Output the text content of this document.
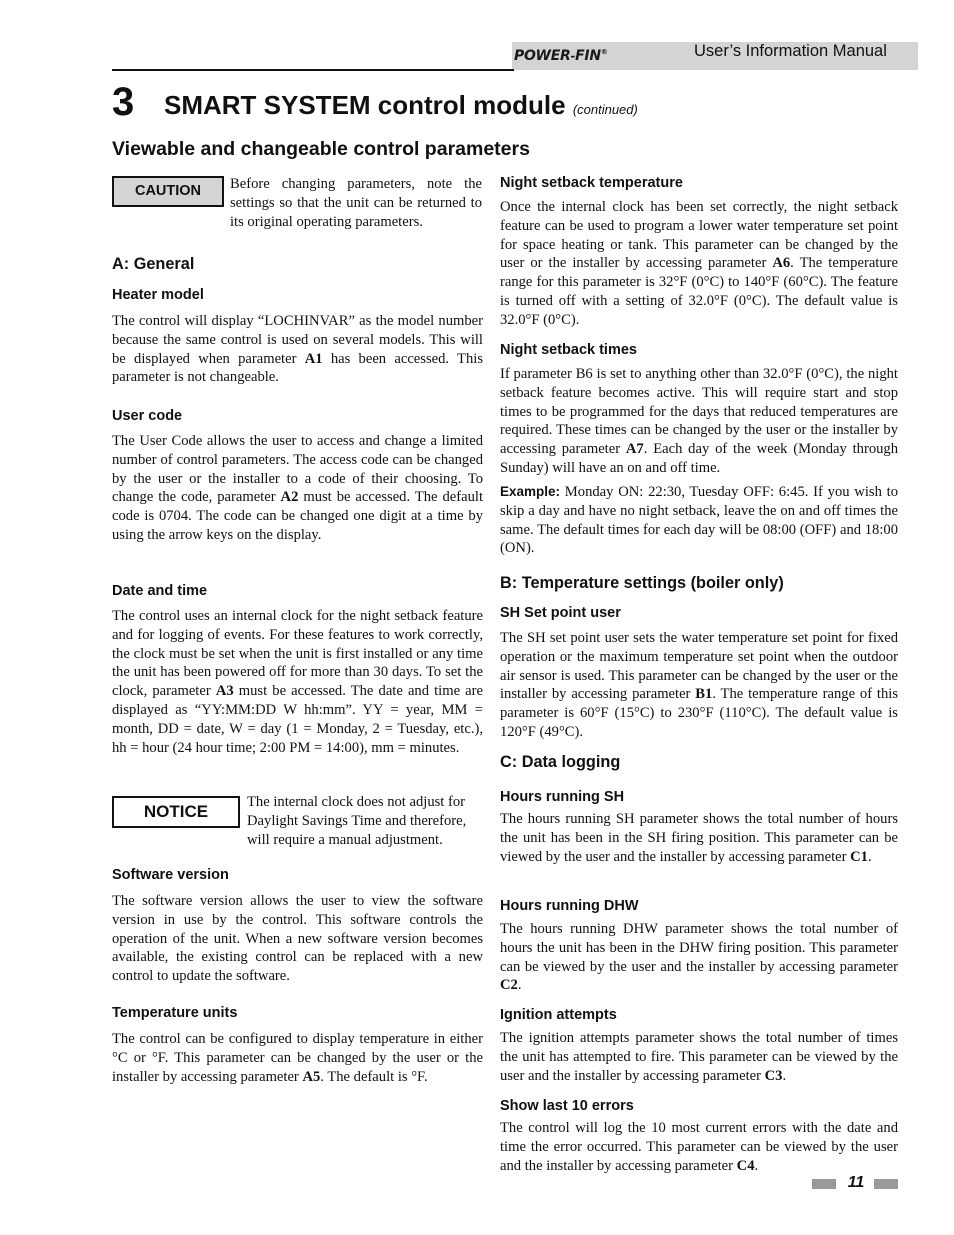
POWER-FIN®	User’s Information Manual
3 SMART SYSTEM control module (continued)
Viewable and changeable control parameters
CAUTION	Before changing parameters, note the settings so that the unit can be returned to its original operating parameters.

A: General
Heater model

The control will display “LOCHINVAR” as the model number because the same control is used on several models. This will be displayed when parameter A1 has been accessed. This parameter is not changeable.

User code

The User Code allows the user to access and change a limited number of control parameters. The access code can be changed by the user or the installer to a code of their choosing. To change the code, parameter A2 must be accessed. The default code is 0704. The code can be changed one digit at a time by using the arrow keys on the display.

Date and time

The control uses an internal clock for the night setback feature and for logging of events. For these features to work correctly, the clock must be set when the unit is first installed or any time the unit has been powered off for more than 30 days. To set the clock, parameter A3 must be accessed. The date and time are displayed as “YY:MM:DD W hh:mm”. YY = year, MM = month, DD = date, W = day (1 = Monday, 2 = Tuesday, etc.), hh = hour (24 hour time; 2:00 PM = 14:00), mm = minutes.

Software version

The software version allows the user to view the software version in use by the control. This software controls the operation of the unit. When a new software version becomes available, the existing control can be replaced with a new control to update the software.

Temperature units

The control can be configured to display temperature in either °C or °F. This parameter can be changed by the user or the installer by accessing parameter A5. The default is °F.

NOTICE	The internal clock does not adjust for Daylight Savings Time and therefore, will require a manual adjustment.

Night setback temperature

Once the internal clock has been set correctly, the night setback feature can be used to program a lower water temperature set point for space heating or tank. This parameter can be changed by the user or the installer by accessing parameter A6. The temperature range for this parameter is 32°F (0°C) to 140°F (60°C). The feature is turned off with a setting of 32.0°F (0°C). The default value is 32.0°F (0°C).

Night setback times

If parameter B6 is set to anything other than 32.0°F (0°C), the night setback feature becomes active. This will require start and stop times to be programmed for the days that reduced temperatures are required. These times can be changed by the user or the installer by accessing parameter A7. Each day of the week (Monday through Sunday) will have an on and off time.

Example: Monday ON: 22:30, Tuesday OFF: 6:45. If you wish to skip a day and have no night setback, leave the on and off times the same. The default times for each day will be 08:00 (OFF) and 18:00 (ON).

B: Temperature settings (boiler only)
SH Set point user

The SH set point user sets the water temperature set point for fixed operation or the maximum temperature set point when the outdoor air sensor is used. This parameter can be changed by the user or the installer by accessing parameter B1. The temperature range of this parameter is 60°F (15°C) to 230°F (110°C). The default value is 120°F (49°C).

C: Data logging
Hours running SH

The hours running SH parameter shows the total number of hours the unit has been in the SH firing position. This parameter can be viewed by the user and the installer by accessing parameter C1.

Hours running DHW

The hours running DHW parameter shows the total number of hours the unit has been in the DHW firing position. This parameter can be viewed by the user and the installer by accessing parameter C2.

Ignition attempts

The ignition attempts parameter shows the total number of times the unit has attempted to fire. This parameter can be viewed by the user and the installer by accessing parameter C3.

Show last 10 errors

The control will log the 10 most current errors with the date and time the error occurred. This parameter can be viewed by the user and the installer by accessing parameter C4.

11
